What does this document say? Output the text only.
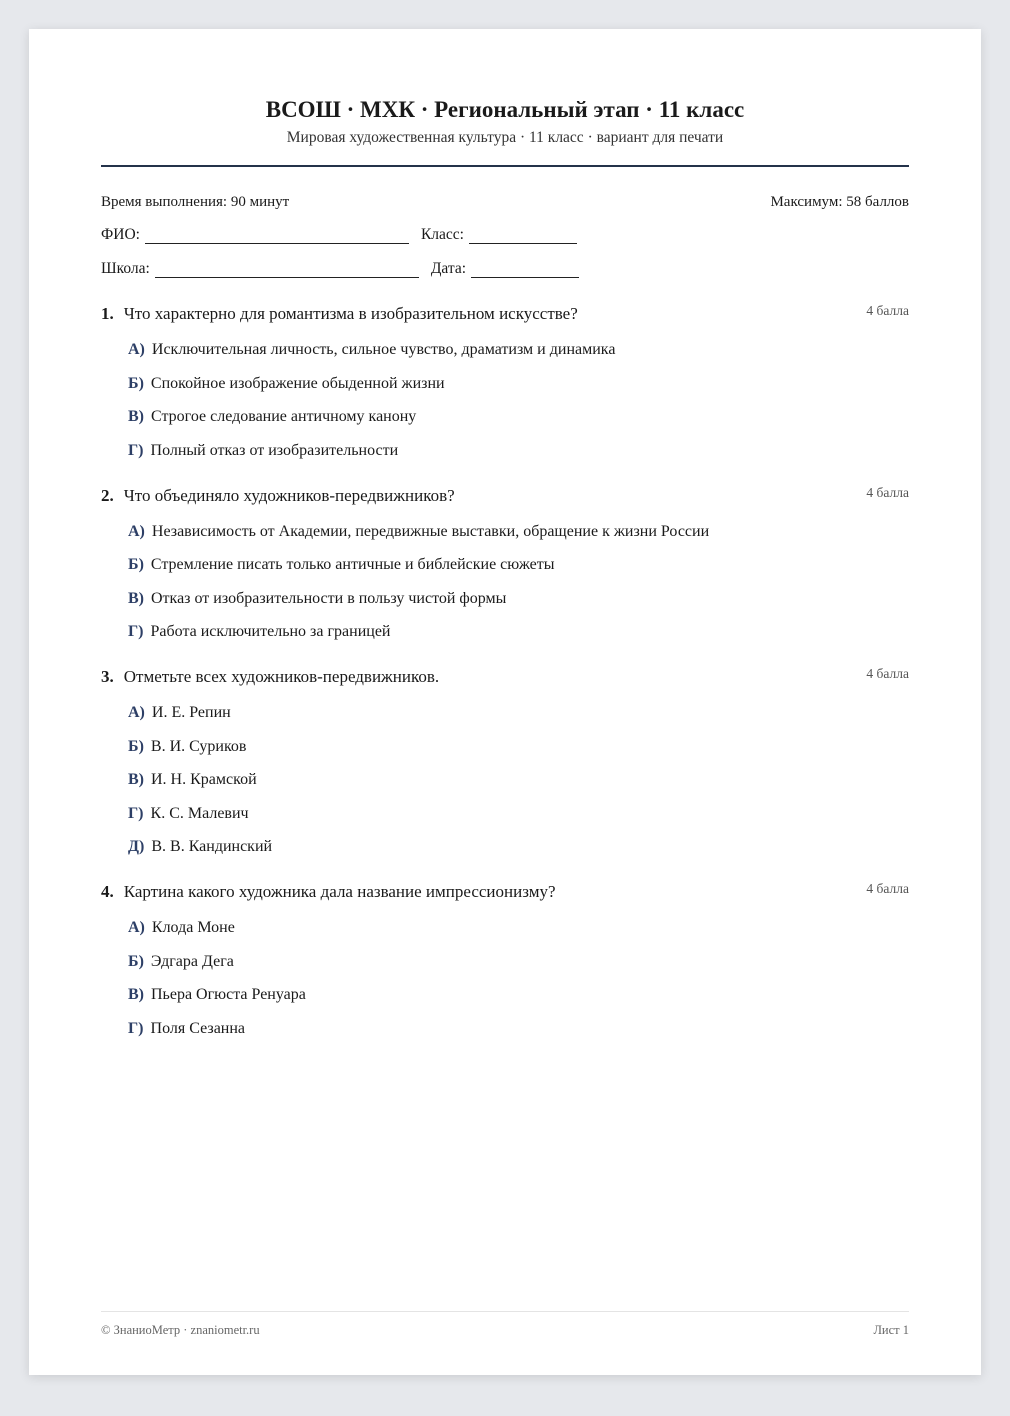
ВСОШ · МХК · Региональный этап · 11 класс
Мировая художественная культура · 11 класс · вариант для печати
Время выполнения: 90 минут	Максимум: 58 баллов
ФИО:	Класс:
Школа:	Дата:
1. Что характерно для романтизма в изобразительном искусстве?	4 балла
А) Исключительная личность, сильное чувство, драматизм и динамика
Б) Спокойное изображение обыденной жизни
В) Строгое следование античному канону
Г) Полный отказ от изобразительности
2. Что объединяло художников-передвижников?	4 балла
А) Независимость от Академии, передвижные выставки, обращение к жизни России
Б) Стремление писать только античные и библейские сюжеты
В) Отказ от изобразительности в пользу чистой формы
Г) Работа исключительно за границей
3. Отметьте всех художников-передвижников.	4 балла
А) И. Е. Репин
Б) В. И. Суриков
В) И. Н. Крамской
Г) К. С. Малевич
Д) В. В. Кандинский
4. Картина какого художника дала название импрессионизму?	4 балла
А) Клода Моне
Б) Эдгара Дега
В) Пьера Огюста Ренуара
Г) Поля Сезанна
© ЗнаниоМетр · znaniometr.ru	Лист 1
